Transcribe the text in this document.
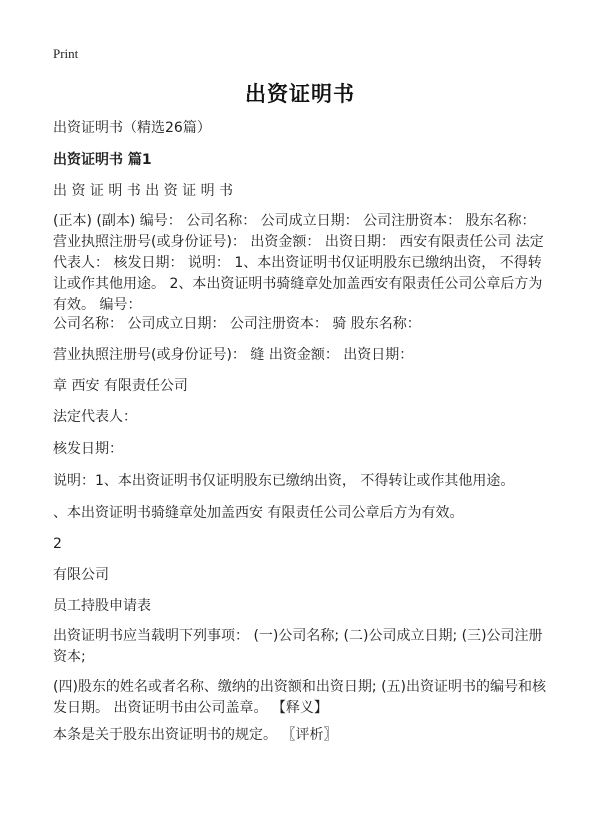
Print
出资证明书
出资证明书（精选26篇）
出资证明书 篇1
出 资 证 明 书 出 资 证 明 书
(正本) (副本) 编号： 公司名称： 公司成立日期： 公司注册资本： 股东名称： 营业执照注册号(或身份证号)： 出资金额： 出资日期： 西安有限责任公司 法定代表人： 核发日期： 说明： 1、本出资证明书仅证明股东已缴纳出资， 不得转让或作其他用途。 2、本出资证明书骑缝章处加盖西安有限责任公司公章后方为有效。 编号：
公司名称： 公司成立日期： 公司注册资本： 骑 股东名称：
营业执照注册号(或身份证号)： 缝 出资金额： 出资日期：
章 西安 有限责任公司
法定代表人：
核发日期：
说明：1、本出资证明书仅证明股东已缴纳出资， 不得转让或作其他用途。
、本出资证明书骑缝章处加盖西安 有限责任公司公章后方为有效。
2
有限公司
员工持股申请表
出资证明书应当载明下列事项： (一)公司名称; (二)公司成立日期; (三)公司注册资本;
(四)股东的姓名或者名称、缴纳的出资额和出资日期; (五)出资证明书的编号和核发日期。 出资证明书由公司盖章。 【释义】
本条是关于股东出资证明书的规定。 〖评析〗
